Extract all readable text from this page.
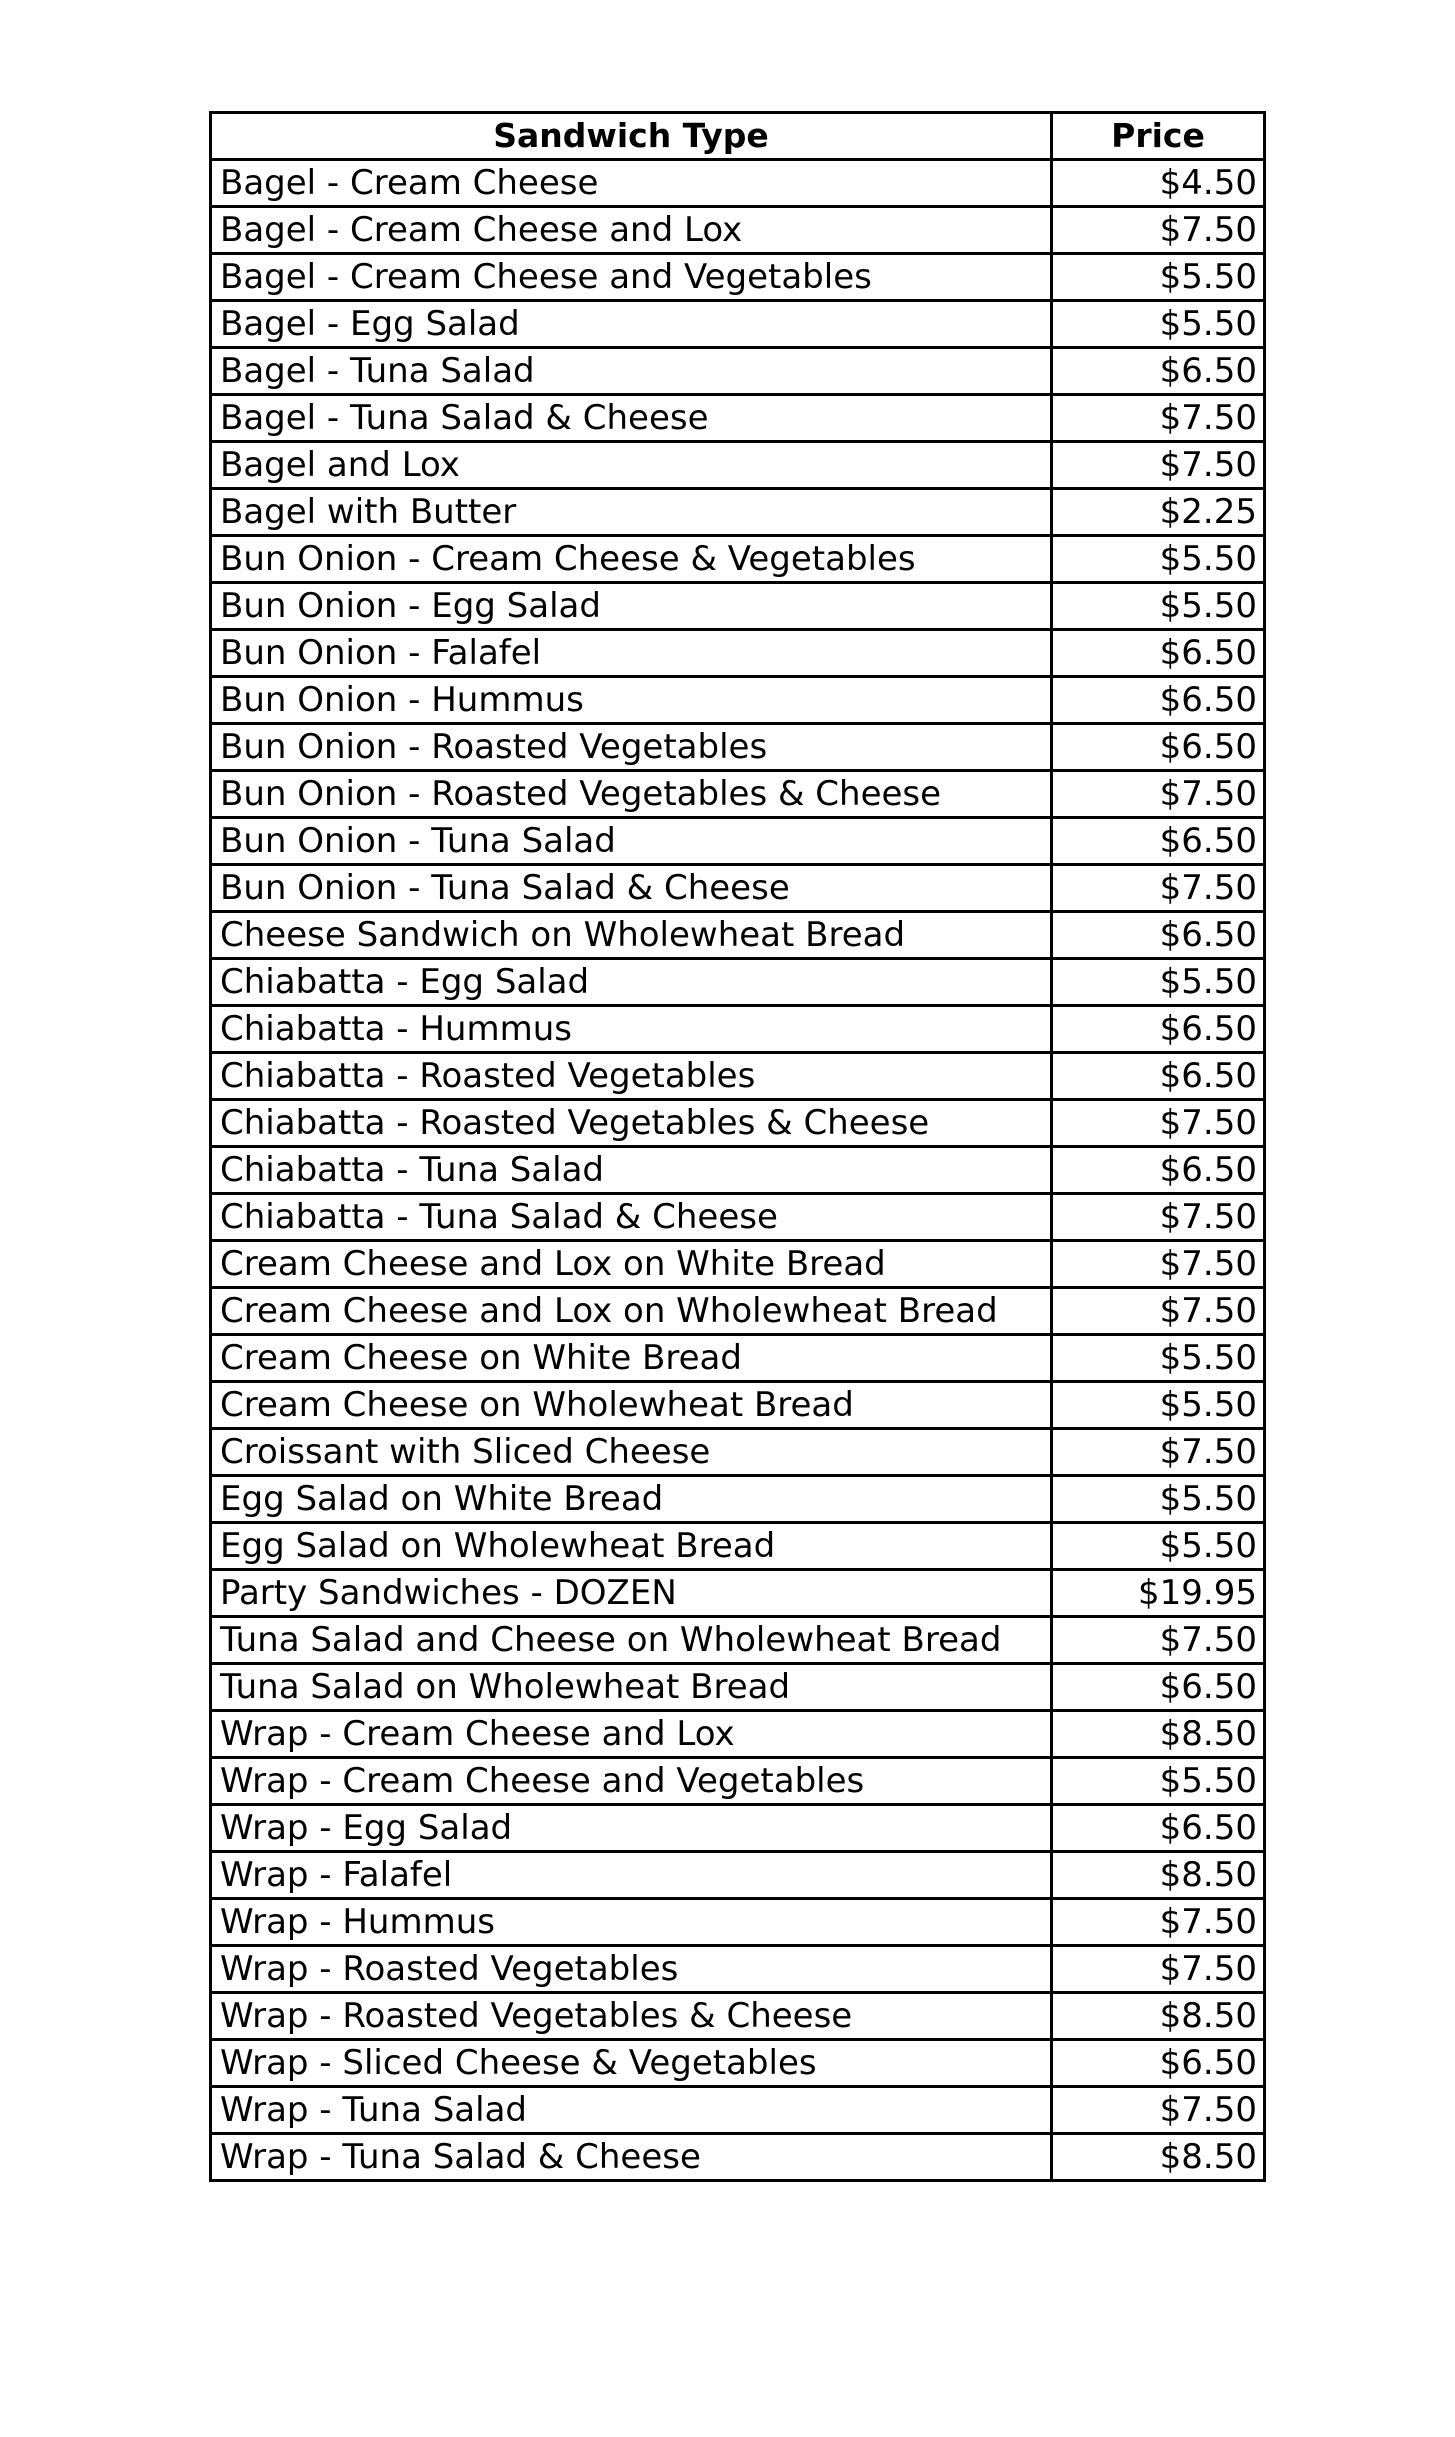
Sandwich Type	Price
Bagel - Cream Cheese	$4.50
Bagel - Cream Cheese and Lox	$7.50
Bagel - Cream Cheese and Vegetables	$5.50
Bagel - Egg Salad	$5.50
Bagel - Tuna Salad	$6.50
Bagel - Tuna Salad & Cheese	$7.50
Bagel and Lox	$7.50
Bagel with Butter	$2.25
Bun Onion - Cream Cheese & Vegetables	$5.50
Bun Onion - Egg Salad	$5.50
Bun Onion - Falafel	$6.50
Bun Onion - Hummus	$6.50
Bun Onion - Roasted Vegetables	$6.50
Bun Onion - Roasted Vegetables & Cheese	$7.50
Bun Onion - Tuna Salad	$6.50
Bun Onion - Tuna Salad & Cheese	$7.50
Cheese Sandwich on Wholewheat Bread	$6.50
Chiabatta - Egg Salad	$5.50
Chiabatta - Hummus	$6.50
Chiabatta - Roasted Vegetables	$6.50
Chiabatta - Roasted Vegetables & Cheese	$7.50
Chiabatta - Tuna Salad	$6.50
Chiabatta - Tuna Salad & Cheese	$7.50
Cream Cheese and Lox on White Bread	$7.50
Cream Cheese and Lox on Wholewheat Bread	$7.50
Cream Cheese on White Bread	$5.50
Cream Cheese on Wholewheat Bread	$5.50
Croissant with Sliced Cheese	$7.50
Egg Salad on White Bread	$5.50
Egg Salad on Wholewheat Bread	$5.50
Party Sandwiches - DOZEN	$19.95
Tuna Salad and Cheese on Wholewheat Bread	$7.50
Tuna Salad on Wholewheat Bread	$6.50
Wrap - Cream Cheese and Lox	$8.50
Wrap - Cream Cheese and Vegetables	$5.50
Wrap - Egg Salad	$6.50
Wrap - Falafel	$8.50
Wrap - Hummus	$7.50
Wrap - Roasted Vegetables	$7.50
Wrap - Roasted Vegetables & Cheese	$8.50
Wrap - Sliced Cheese & Vegetables	$6.50
Wrap - Tuna Salad	$7.50
Wrap - Tuna Salad & Cheese	$8.50
